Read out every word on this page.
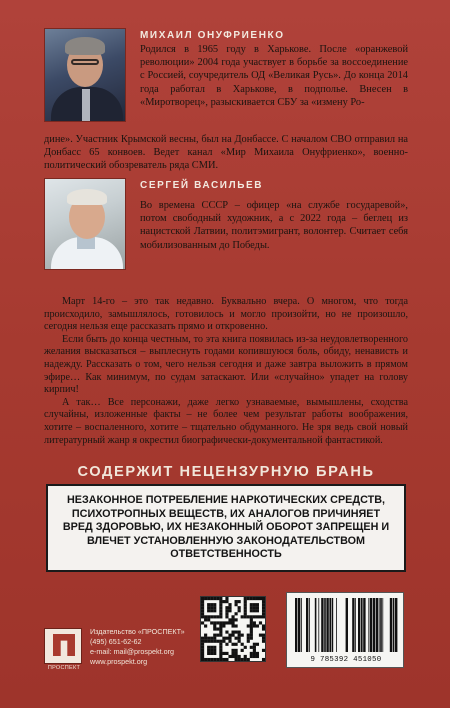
МИХАИЛ ОНУФРИЕНКО
Родился в 1965 году в Харькове. После «оранжевой революции» 2004 года участвует в борьбе за воссоединение с Россией, соучредитель ОД «Великая Русь». До конца 2014 года работал в Харькове, в подполье. Внесен в «Миротворец», разыскивается СБУ за «измену Ро-
дине». Участник Крымской весны, был на Донбассе. С началом СВО отправил на Донбасс 65 конвоев. Ведет канал «Мир Михаила Онуфриенко», военно-политический обозреватель ряда СМИ.
СЕРГЕЙ ВАСИЛЬЕВ
Во времена СССР – офицер «на службе государевой», потом свободный художник, а с 2022 года – беглец из нацистской Латвии, политэмигрант, волонтер. Считает себя мобилизованным до Победы.

Март 14-го – это так недавно. Буквально вчера. О многом, что тогда происходило, замышлялось, готовилось и могло произойти, но не произошло, сегодня нельзя еще рассказать прямо и откровенно.

Если быть до конца честным, то эта книга появилась из-за неудовлетворенного желания высказаться – выплеснуть годами копившуюся боль, обиду, ненависть и надежду. Рассказать о том, чего нельзя сегодня и даже завтра выложить в прямом эфире… Как минимум, по судам затаскают. Или «случайно» упадет на голову кирпич!

А так… Все персонажи, даже легко узнаваемые, вымышлены, сходства случайны, изложенные факты – не более чем результат работы воображения, хотите – воспаленного, хотите – тщательно обдуманного. Не зря ведь свой новый литературный жанр я окрестил биографически-документальной фантастикой.

СОДЕРЖИТ НЕЦЕНЗУРНУЮ БРАНЬ
НЕЗАКОННОЕ ПОТРЕБЛЕНИЕ НАРКОТИЧЕСКИХ СРЕДСТВ, ПСИХОТРОПНЫХ ВЕЩЕСТВ, ИХ АНАЛОГОВ ПРИЧИНЯЕТ ВРЕД ЗДОРОВЬЮ, ИХ НЕЗАКОННЫЙ ОБОРОТ ЗАПРЕЩЕН И ВЛЕЧЕТ УСТАНОВЛЕННУЮ ЗАКОНОДАТЕЛЬСТВОМ ОТВЕТСТВЕННОСТЬ
ПРОСПЕКТ
Издательство «ПРОСПЕКТ»
(495) 651-62-62
e-mail: mail@prospekt.org
www.prospekt.org	9 785392 451050
